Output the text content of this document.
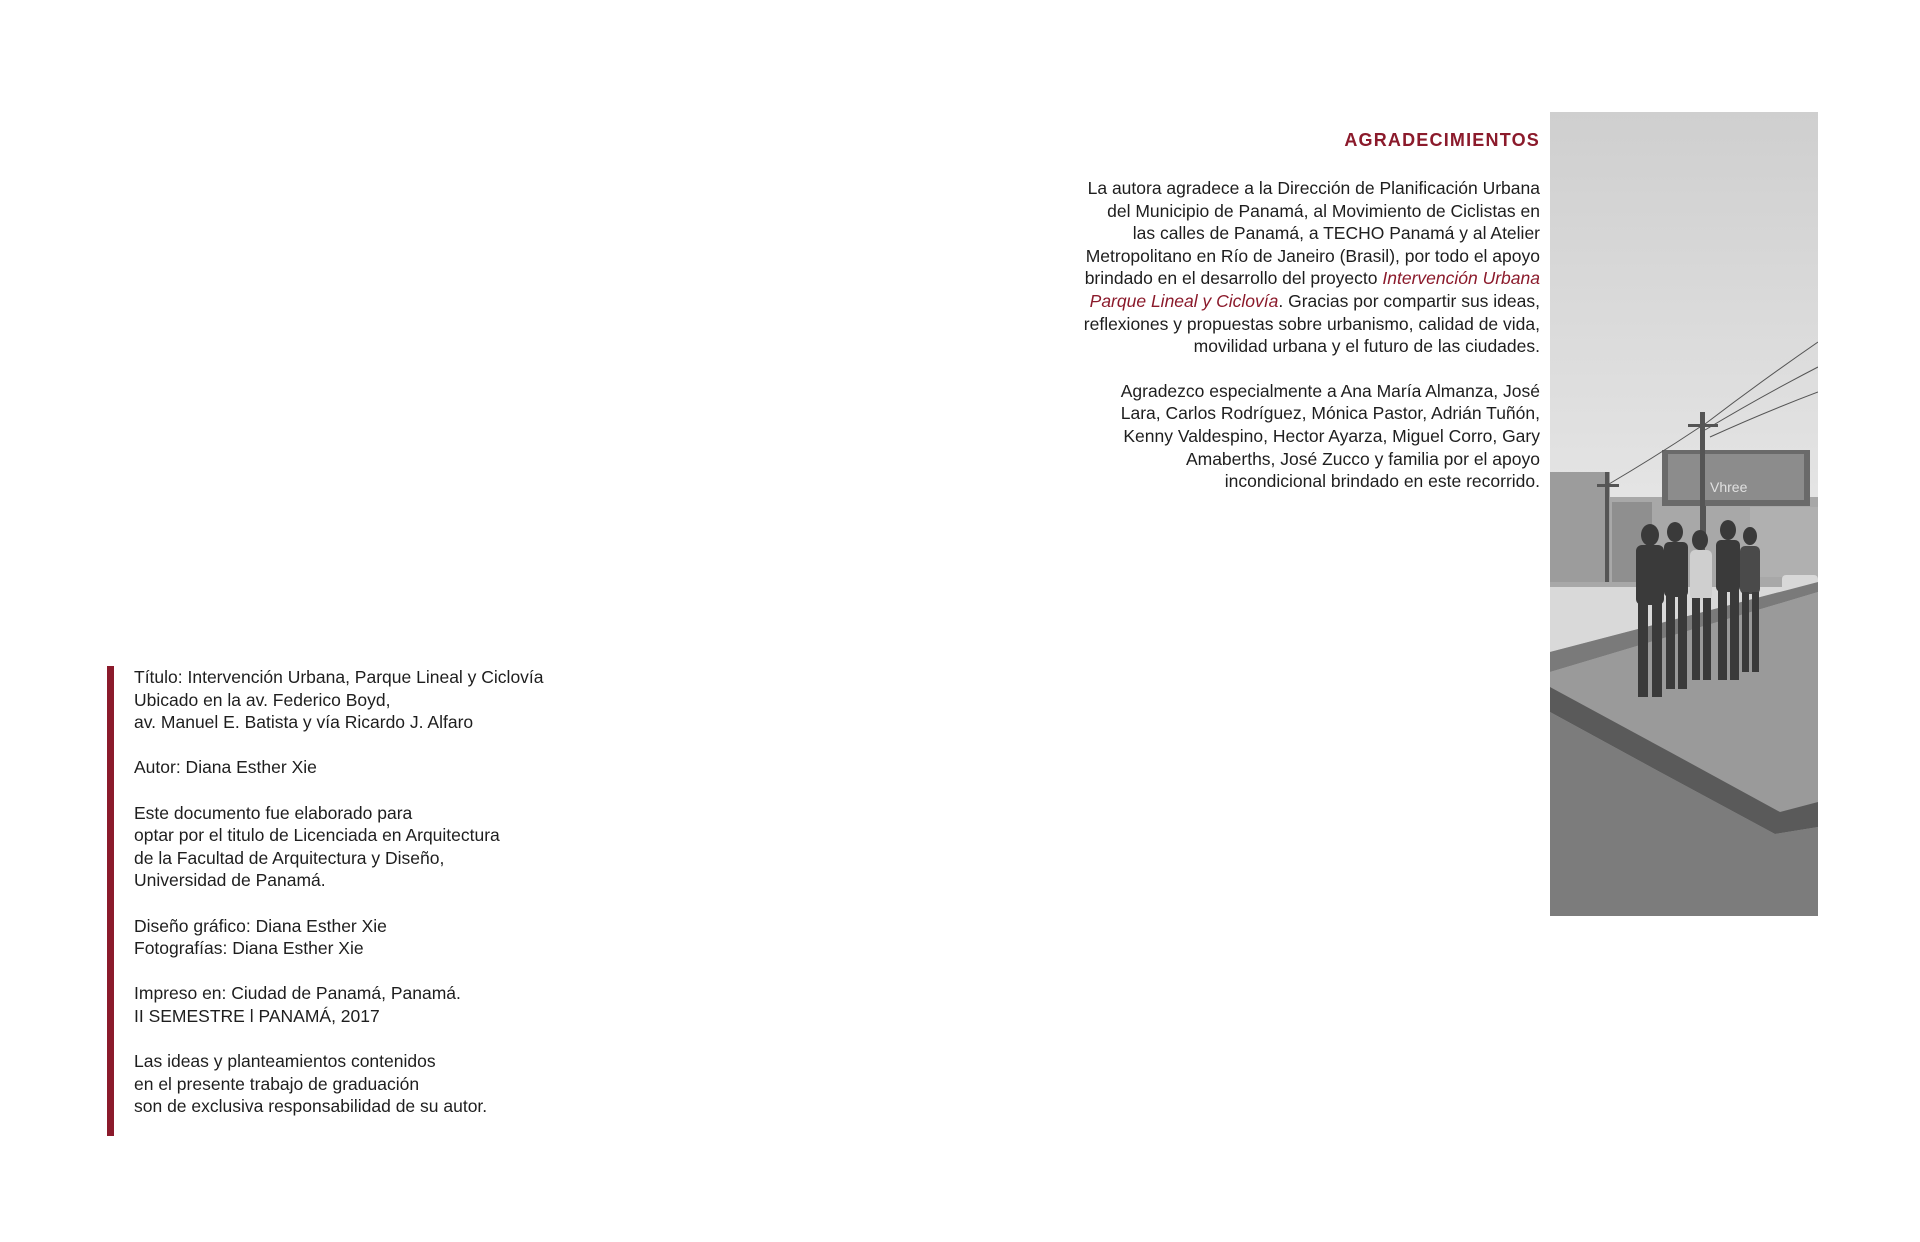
AGRADECIMIENTOS

La autora agradece a la Dirección de Planificación Urbana del Municipio de Panamá, al Movimiento de Ciclistas en las calles de Panamá, a TECHO Panamá y al Atelier Metropolitano en Río de Janeiro (Brasil), por todo el apoyo brindado en el desarrollo del proyecto Intervención Urbana Parque Lineal y Ciclovía. Gracias por compartir sus ideas, reflexiones y propuestas sobre urbanismo, calidad de vida, movilidad urbana y el futuro de las ciudades.

Agradezco especialmente a Ana María Almanza, José Lara, Carlos Rodríguez, Mónica Pastor, Adrián Tuñón, Kenny Valdespino, Hector Ayarza, Miguel Corro, Gary Amaberths, José Zucco y familia por el apoyo incondicional brindado en este recorrido.	Vhree
Título: Intervención Urbana, Parque Lineal y Ciclovía
Ubicado en la av. Federico Boyd,
av. Manuel E. Batista y vía Ricardo J. Alfaro
Autor: Diana Esther Xie
Este documento fue elaborado para
optar por el titulo de Licenciada en Arquitectura
de la Facultad de Arquitectura y Diseño,
Universidad de Panamá.
Diseño gráfico: Diana Esther Xie
Fotografías: Diana Esther Xie
Impreso en: Ciudad de Panamá, Panamá.
II SEMESTRE l PANAMÁ, 2017
Las ideas y planteamientos contenidos
en el presente trabajo de graduación
son de exclusiva responsabilidad de su autor.
